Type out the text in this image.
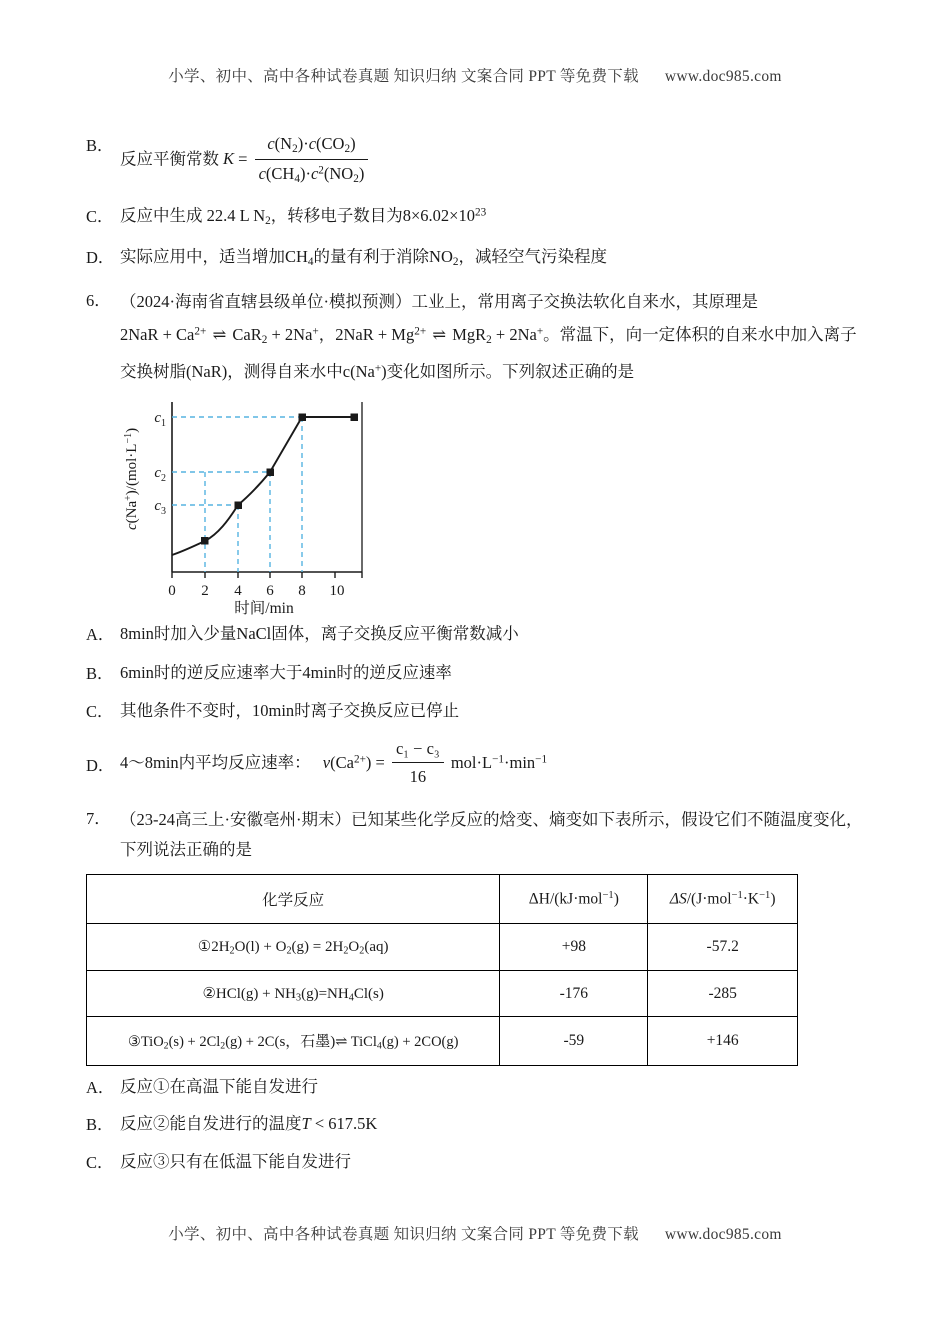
小学、初中、高中各种试卷真题 知识归纳 文案合同 PPT 等免费下载 www.doc985.com
B．
反应平衡常数 $K = \frac{c(N_2)\cdot c(CO_2)}{c(CH_4)\cdot c^2(NO_2)}$
C． 反应中生成 22.4 L $N_2$，转移电子数目为$8\times 6.02\times 10^{23}$
D． 实际应用中，适当增加$CH_4$的量有利于消除$NO_2$，减轻空气污染程度
6． （2024·海南省直辖县级单位·模拟预测）工业上，常用离子交换法软化自来水，其原理是
$2NaR + Ca^{2+}$ ⇌ CaR$_2$ + 2Na+，$2NaR + Mg^{2+}$ ⇌ MgR$_2$ + 2Na+。常温下，向一定体积的自来水中加入离子
交换树脂(NaR)，测得自来水中c(Na+)变化如图所示。下列叙述正确的是
0 2 4 6 8 10
$c_1$
$c_2$
$c_3$
$c(Na^+)/(mol\cdot L^{-1})$
时间/min
A． 8min时加入少量NaCl固体，离子交换反应平衡常数减小
B． 6min时的逆反应速率大于4min时的逆反应速率
C． 其他条件不变时，10min时离子交换反应已停止
D． 4～8min内平均反应速率： $v(Ca^{2+}) = \frac{\text{c₁ − c₃}}{16} mol\cdot L^{-1}\cdot\min^{-1}$
7． （23-24高三上·安徽亳州·期末）已知某些化学反应的焓变、熵变如下表所示，假设它们不随温度变化，下列说法正确的是
化学反应	ΔH/(kJ·mol$^{-1}$)	$\Delta S/(J\cdot mol^{-1}\cdot K^{-1})$
$①2H_2O(l) + O_2(g) = 2H_2O_2(aq)$	+98	-57.2
②HCl(g) + $NH_3(g)=NH_4Cl(s)$	-176	-285
③TiO$_2$(s) + $2Cl_2(g) + 2C(s$，石墨)⇌ TiCl$_4$(g) + 2CO(g)	-59	+146
A． 反应①在高温下能自发进行
B． 反应②能自发进行的温度T < 617.5K
C． 反应③只有在低温下能自发进行
小学、初中、高中各种试卷真题 知识归纳 文案合同 PPT 等免费下载 www.doc985.com
